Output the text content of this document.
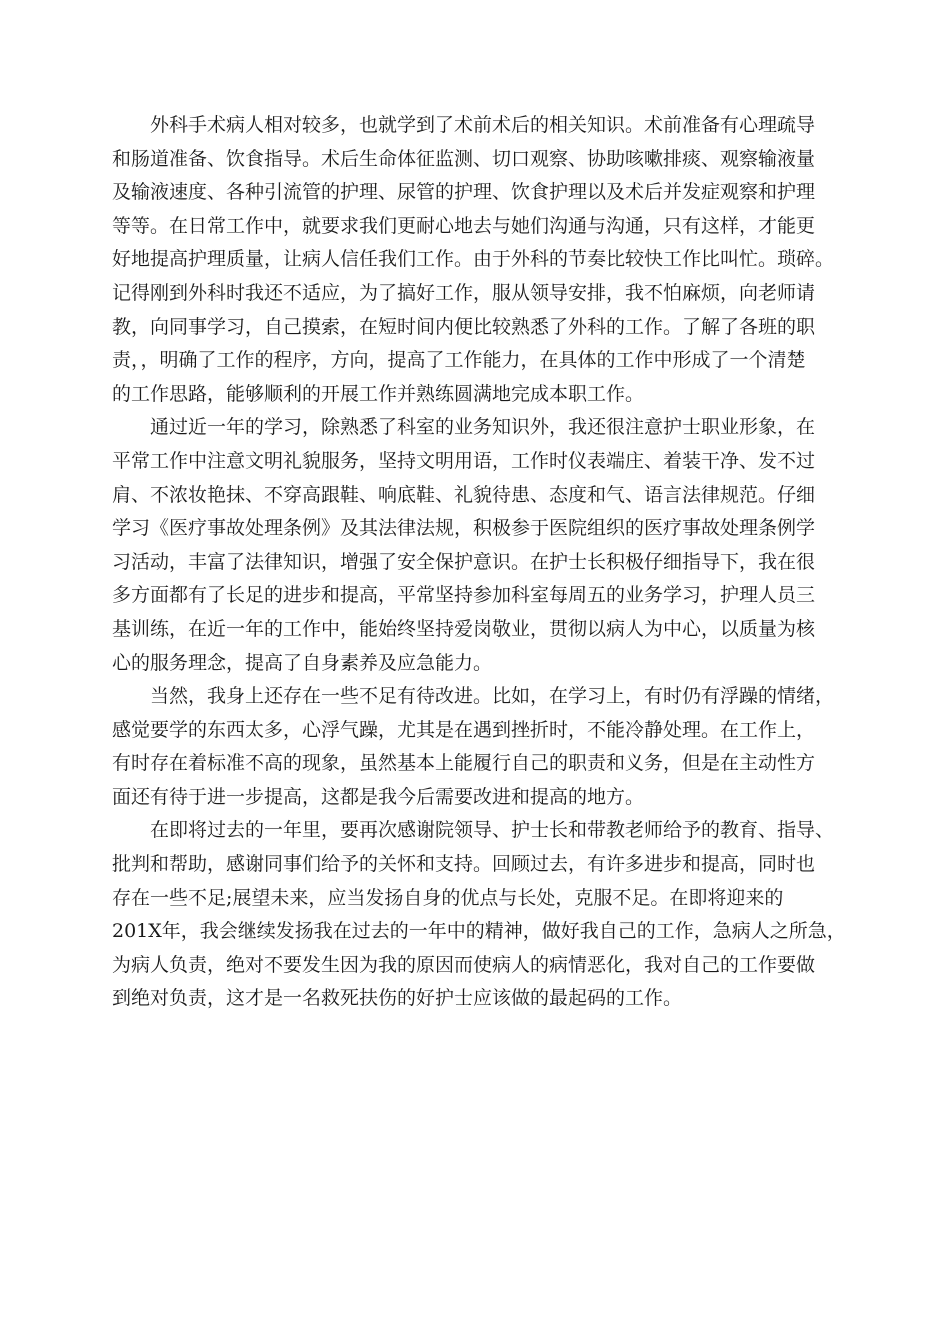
外科手术病人相对较多，也就学到了术前术后的相关知识。术前准备有心理疏导
和肠道准备、饮食指导。术后生命体征监测、切口观察、协助咳嗽排痰、观察输液量
及输液速度、各种引流管的护理、尿管的护理、饮食护理以及术后并发症观察和护理
等等。在日常工作中，就要求我们更耐心地去与她们沟通与沟通，只有这样，才能更
好地提高护理质量，让病人信任我们工作。由于外科的节奏比较快工作比叫忙。琐碎。
记得刚到外科时我还不适应，为了搞好工作，服从领导安排，我不怕麻烦，向老师请
教，向同事学习，自己摸索，在短时间内便比较熟悉了外科的工作。了解了各班的职
责，，明确了工作的程序，方向，提高了工作能力，在具体的工作中形成了一个清楚
的工作思路，能够顺利的开展工作并熟练圆满地完成本职工作。

通过近一年的学习，除熟悉了科室的业务知识外，我还很注意护士职业形象，在
平常工作中注意文明礼貌服务，坚持文明用语，工作时仪表端庄、着装干净、发不过
肩、不浓妆艳抹、不穿高跟鞋、响底鞋、礼貌待患、态度和气、语言法律规范。仔细
学习《医疗事故处理条例》及其法律法规，积极参于医院组织的医疗事故处理条例学
习活动，丰富了法律知识，增强了安全保护意识。在护士长积极仔细指导下，我在很
多方面都有了长足的进步和提高，平常坚持参加科室每周五的业务学习，护理人员三
基训练，在近一年的工作中，能始终坚持爱岗敬业，贯彻以病人为中心，以质量为核
心的服务理念，提高了自身素养及应急能力。

当然，我身上还存在一些不足有待改进。比如，在学习上，有时仍有浮躁的情绪，
感觉要学的东西太多，心浮气躁，尤其是在遇到挫折时，不能冷静处理。在工作上，
有时存在着标准不高的现象，虽然基本上能履行自己的职责和义务，但是在主动性方
面还有待于进一步提高，这都是我今后需要改进和提高的地方。

在即将过去的一年里，要再次感谢院领导、护士长和带教老师给予的教育、指导、
批判和帮助，感谢同事们给予的关怀和支持。回顾过去，有许多进步和提高，同时也
存在一些不足;展望未来，应当发扬自身的优点与长处，克服不足。在即将迎来的
201X年，我会继续发扬我在过去的一年中的精神，做好我自己的工作，急病人之所急，
为病人负责，绝对不要发生因为我的原因而使病人的病情恶化，我对自己的工作要做
到绝对负责，这才是一名救死扶伤的好护士应该做的最起码的工作。
